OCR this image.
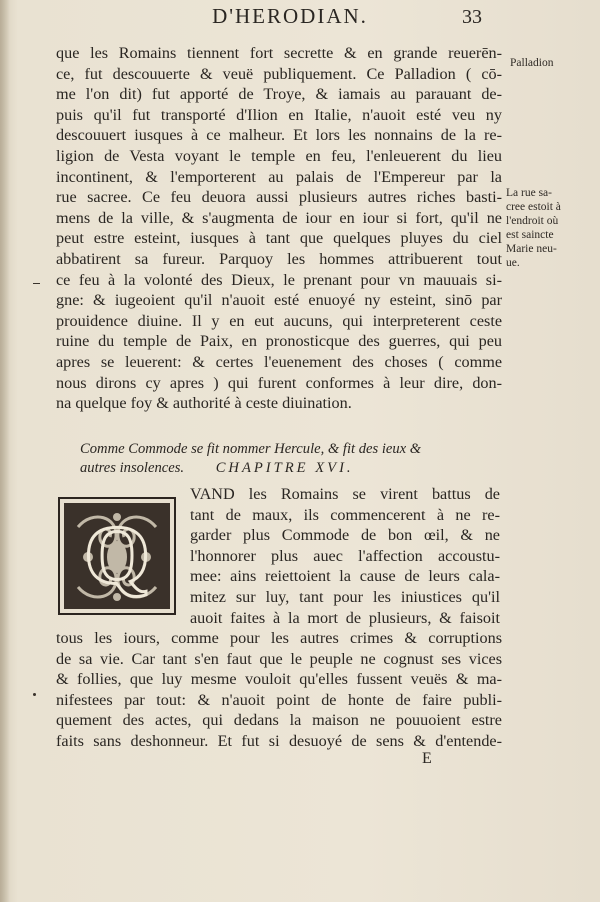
D'HERODIAN.	33
que les Romains tiennent fort secrette & en grande reuerēn-
ce, fut descouuerte & veuë publiquement. Ce Palladion ( cō-
me l'on dit) fut apporté de Troye, & iamais au parauant de-
puis qu'il fut transporté d'Ilion en Italie, n'auoit esté veu ny
descouuert iusques à ce malheur. Et lors les nonnains de la re-
ligion de Vesta voyant le temple en feu, l'enleuerent du lieu
incontinent, & l'emporterent au palais de l'Empereur par la
rue sacree. Ce feu deuora aussi plusieurs autres riches basti-
mens de la ville, & s'augmenta de iour en iour si fort, qu'il ne
peut estre esteint, iusques à tant que quelques pluyes du ciel
abbatirent sa fureur. Parquoy les hommes attribuerent tout
ce feu à la volonté des Dieux, le prenant pour vn mauuais si-
gne: & iugeoient qu'il n'auoit esté enuoyé ny esteint, sinō par
prouidence diuine. Il y en eut aucuns, qui interpreterent ceste
ruine du temple de Paix, en pronosticque des guerres, qui peu
apres se leuerent: & certes l'euenement des choses ( comme
nous dirons cy apres ) qui furent conformes à leur dire, don-
na quelque foy & authorité à ceste diuination.
Palladion
La rue sa-
cree estoit à
l'endroit où
est saincte
Marie neu-
ue.
Comme Commode se fit nommer Hercule, & fit des ieux &
autres insolences. CHAPITRE XVI.
Q
VAND les Romains se virent battus de
tant de maux, ils commencerent à ne re-
garder plus Commode de bon œil, & ne
l'honnorer plus auec l'affection accoustu-
mee: ains reiettoient la cause de leurs cala-
mitez sur luy, tant pour les iniustices qu'il
auoit faites à la mort de plusieurs, & faisoit
tous les iours, comme pour les autres crimes & corruptions
de sa vie. Car tant s'en faut que le peuple ne cognust ses vices
& follies, que luy mesme vouloit qu'elles fussent veuës & ma-
nifestees par tout: & n'auoit point de honte de faire publi-
quement des actes, qui dedans la maison ne pouuoient estre
faits sans deshonneur. Et fut si desuoyé de sens & d'entende-
E
